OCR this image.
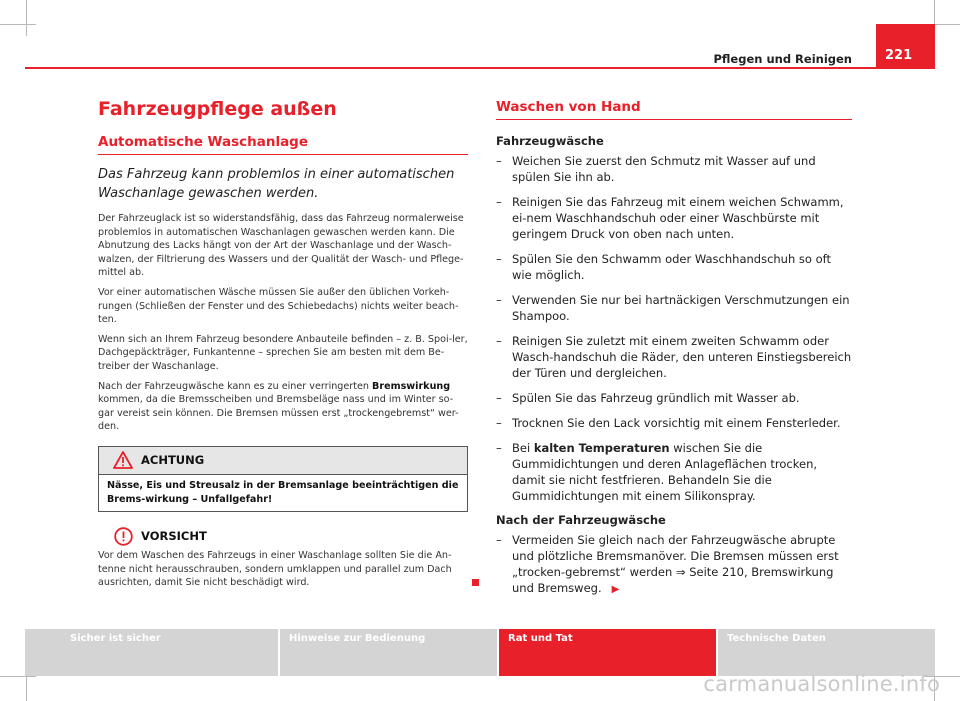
Pflegen und Reinigen	221
Fahrzeugpflege außen
Automatische Waschanlage
Das Fahrzeug kann problemlos in einer automatischen Waschanlage gewaschen werden.

Der Fahrzeuglack ist so widerstandsfähig, dass das Fahrzeug normalerweise problemlos in automatischen Waschanlagen gewaschen werden kann. Die Abnutzung des Lacks hängt von der Art der Waschanlage und der Wasch-walzen, der Filtrierung des Wassers und der Qualität der Wasch- und Pflege-mittel ab.

Vor einer automatischen Wäsche müssen Sie außer den üblichen Vorkeh-rungen (Schließen der Fenster und des Schiebedachs) nichts weiter beach-ten.

Wenn sich an Ihrem Fahrzeug besondere Anbauteile befinden – z. B. Spoi-ler, Dachgepäckträger, Funkantenne – sprechen Sie am besten mit dem Be-treiber der Waschanlage.

Nach der Fahrzeugwäsche kann es zu einer verringerten Bremswirkung kommen, da die Bremsscheiben und Bremsbeläge nass und im Winter so-gar vereist sein können. Die Bremsen müssen erst „trockengebremst“ wer-den.

ACHTUNG
Nässe, Eis und Streusalz in der Bremsanlage beeinträchtigen die Brems-wirkung – Unfallgefahr!
VORSICHT
Vor dem Waschen des Fahrzeugs in einer Waschanlage sollten Sie die An-tenne nicht herausschrauben, sondern umklappen und parallel zum Dach ausrichten, damit Sie nicht beschädigt wird.
Waschen von Hand
Fahrzeugwäsche
– Weichen Sie zuerst den Schmutz mit Wasser auf und spülen Sie ihn ab.
– Reinigen Sie das Fahrzeug mit einem weichen Schwamm, ei-nem Waschhandschuh oder einer Waschbürste mit geringem Druck von oben nach unten.
– Spülen Sie den Schwamm oder Waschhandschuh so oft wie möglich.
– Verwenden Sie nur bei hartnäckigen Verschmutzungen ein Shampoo.
– Reinigen Sie zuletzt mit einem zweiten Schwamm oder Wasch-handschuh die Räder, den unteren Einstiegsbereich der Türen und dergleichen.
– Spülen Sie das Fahrzeug gründlich mit Wasser ab.
– Trocknen Sie den Lack vorsichtig mit einem Fensterleder.
– Bei kalten Temperaturen wischen Sie die Gummidichtungen und deren Anlageflächen trocken, damit sie nicht festfrieren. Behandeln Sie die Gummidichtungen mit einem Silikonspray.
Nach der Fahrzeugwäsche
– Vermeiden Sie gleich nach der Fahrzeugwäsche abrupte und plötzliche Bremsmanöver. Die Bremsen müssen erst „trocken-gebremst“ werden ⇒ Seite 210, Bremswirkung und Bremsweg. ▶
Sicher ist sicher	Hinweise zur Bedienung	Rat und Tat	Technische Daten
carmanualsonline.info
